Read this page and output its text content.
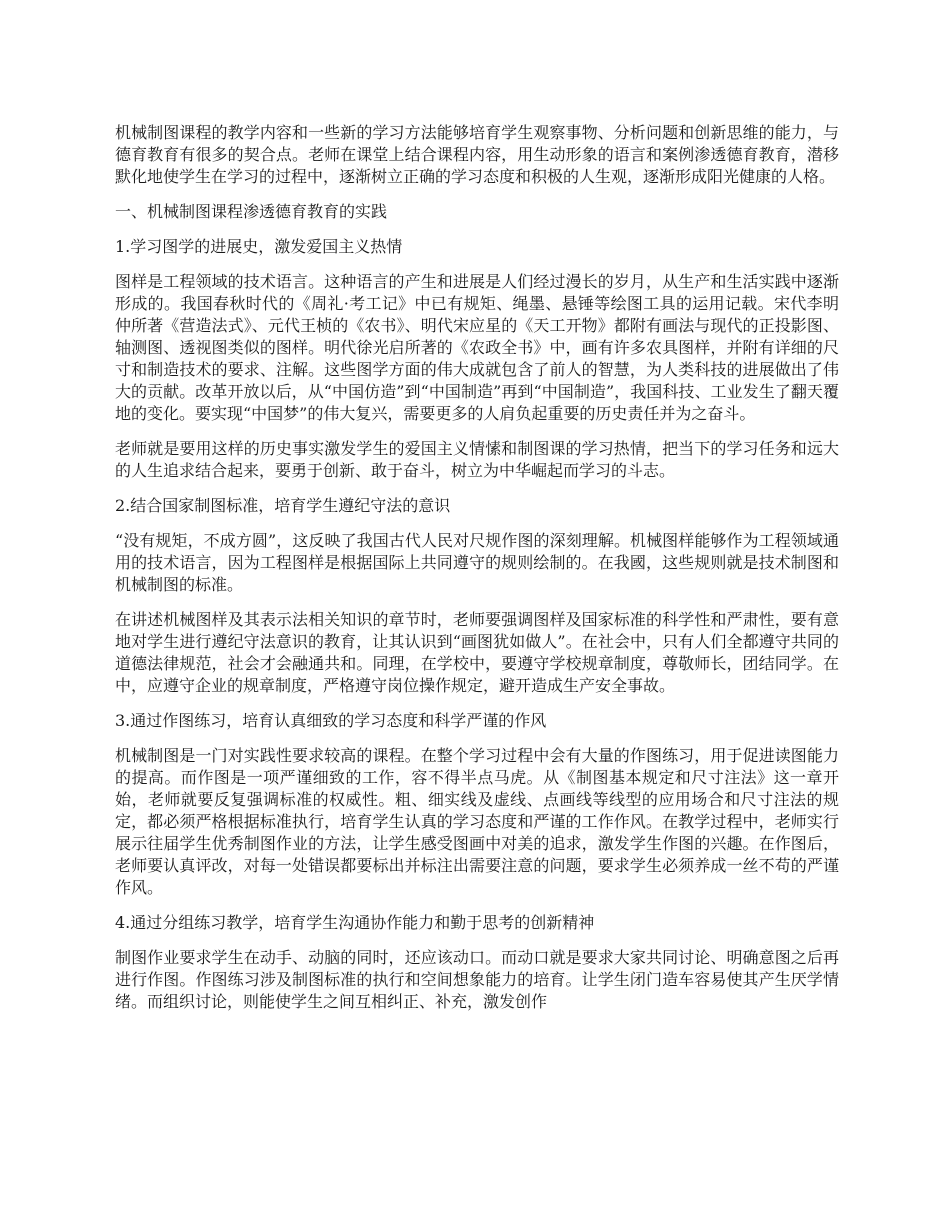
机械制图课程的教学内容和一些新的学习方法能够培育学生观察事物、分析问题和创新思维的能力，与德育教育有很多的契合点。老师在课堂上结合课程内容，用生动形象的语言和案例渗透德育教育，潜移默化地使学生在学习的过程中，逐渐树立正确的学习态度和积极的人生观，逐渐形成阳光健康的人格。

一、机械制图课程渗透德育教育的实践

1.学习图学的进展史，激发爱国主义热情

图样是工程领域的技术语言。这种语言的产生和进展是人们经过漫长的岁月，从生产和生活实践中逐渐形成的。我国春秋时代的《周礼·考工记》中已有规矩、绳墨、悬锤等绘图工具的运用记载。宋代李明仲所著《营造法式》、元代王桢的《农书》、明代宋应星的《天工开物》都附有画法与现代的正投影图、轴测图、透视图类似的图样。明代徐光启所著的《农政全书》中，画有许多农具图样，并附有详细的尺寸和制造技术的要求、注解。这些图学方面的伟大成就包含了前人的智慧，为人类科技的进展做出了伟大的贡献。改革开放以后，从“中国仿造”到“中国制造”再到“中国制造”，我国科技、工业发生了翻天覆地的变化。要实现“中国梦”的伟大复兴，需要更多的人肩负起重要的历史责任并为之奋斗。

老师就是要用这样的历史事实激发学生的爱国主义情愫和制图课的学习热情，把当下的学习任务和远大的人生追求结合起来，要勇于创新、敢于奋斗，树立为中华崛起而学习的斗志。

2.结合国家制图标准，培育学生遵纪守法的意识

“没有规矩，不成方圆”，这反映了我国古代人民对尺规作图的深刻理解。机械图样能够作为工程领域通用的技术语言，因为工程图样是根据国际上共同遵守的规则绘制的。在我國，这些规则就是技术制图和机械制图的标准。

在讲述机械图样及其表示法相关知识的章节时，老师要强调图样及国家标准的科学性和严肃性，要有意地对学生进行遵纪守法意识的教育，让其认识到“画图犹如做人”。在社会中，只有人们全都遵守共同的道德法律规范，社会才会融通共和。同理，在学校中，要遵守学校规章制度，尊敬师长，团结同学。在中，应遵守企业的规章制度，严格遵守岗位操作规定，避开造成生产安全事故。

3.通过作图练习，培育认真细致的学习态度和科学严谨的作风

机械制图是一门对实践性要求较高的课程。在整个学习过程中会有大量的作图练习，用于促进读图能力的提高。而作图是一项严谨细致的工作，容不得半点马虎。从《制图基本规定和尺寸注法》这一章开始，老师就要反复强调标准的权威性。粗、细实线及虚线、点画线等线型的应用场合和尺寸注法的规定，都必须严格根据标准执行，培育学生认真的学习态度和严谨的工作作风。在教学过程中，老师实行展示往届学生优秀制图作业的方法，让学生感受图画中对美的追求，激发学生作图的兴趣。在作图后，老师要认真评改，对每一处错误都要标出并标注出需要注意的问题，要求学生必须养成一丝不苟的严谨作风。

4.通过分组练习教学，培育学生沟通协作能力和勤于思考的创新精神

制图作业要求学生在动手、动脑的同时，还应该动口。而动口就是要求大家共同讨论、明确意图之后再进行作图。作图练习涉及制图标准的执行和空间想象能力的培育。让学生闭门造车容易使其产生厌学情绪。而组织讨论，则能使学生之间互相纠正、补充，激发创作
